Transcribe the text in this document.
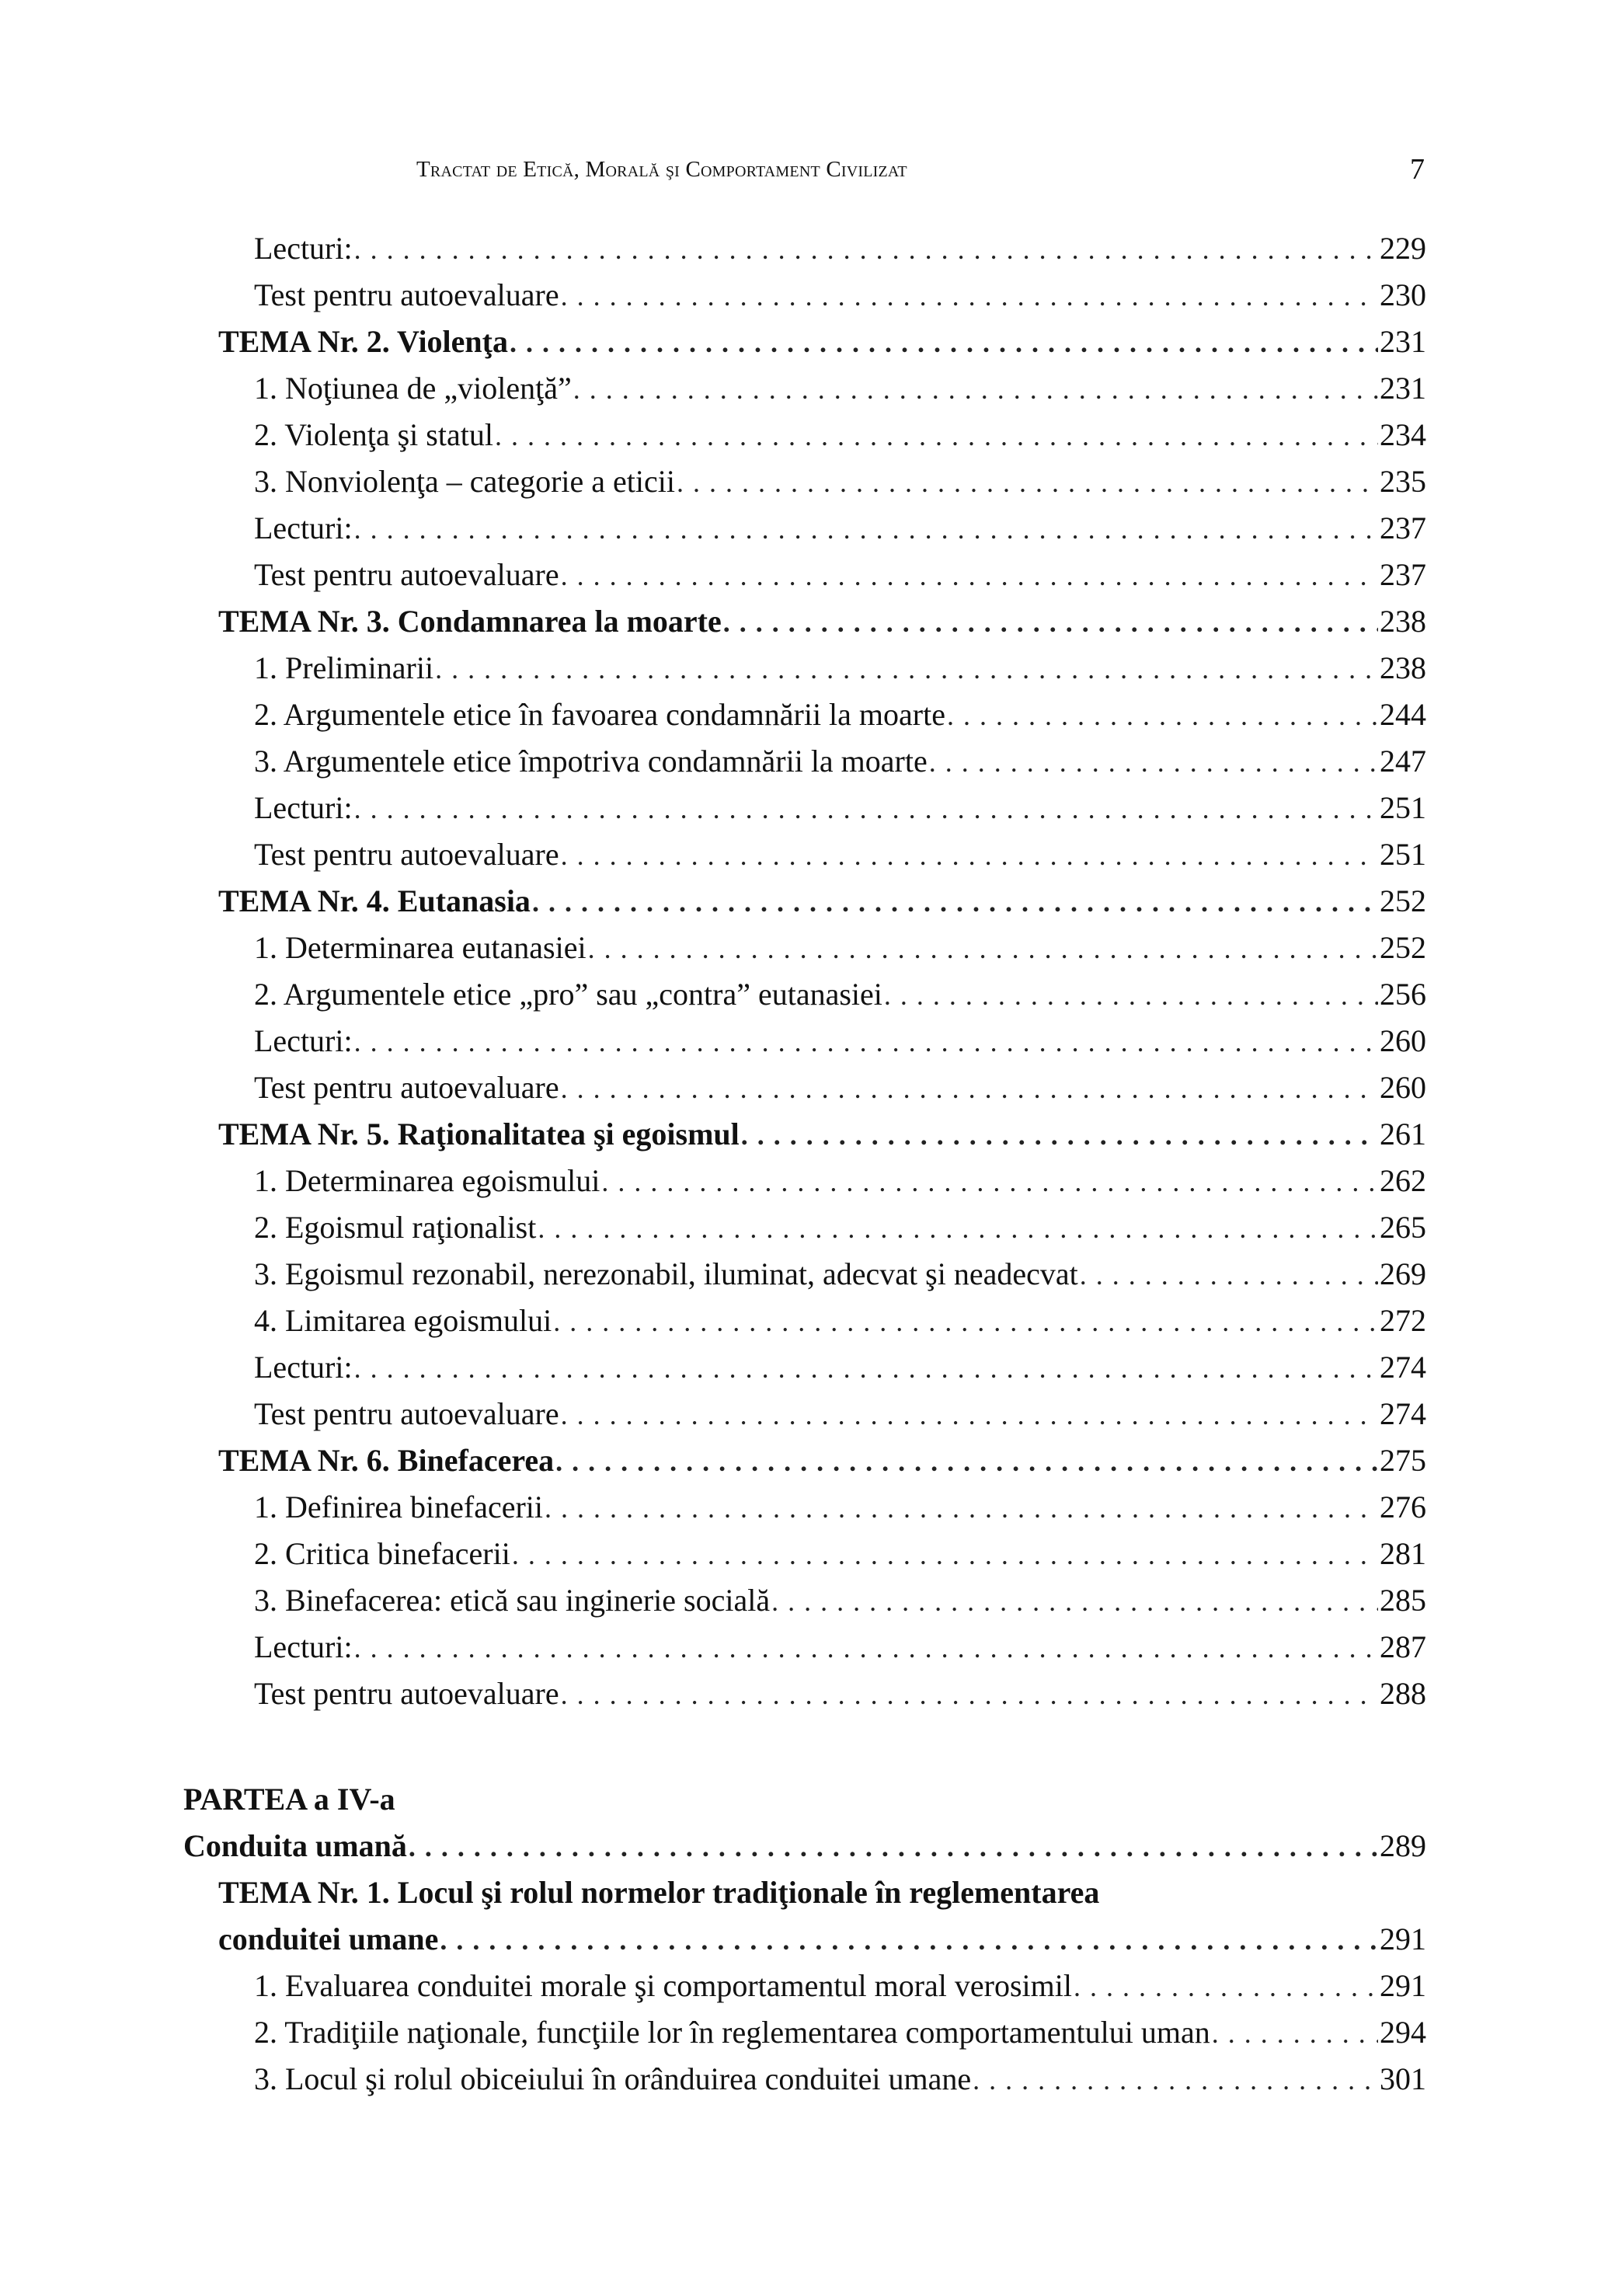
Tractat de Etică, Morală şi Comportament Civilizat	7
Lecturi: . . .	229
Test pentru autoevaluare . . .	230
TEMA Nr. 2. Violenţa . . .	231
1. Noţiunea de „violenţă” . . .	231
2. Violenţa şi statul . . .	234
3. Nonviolenţa – categorie a eticii . . .	235
Lecturi: . . .	237
Test pentru autoevaluare . . .	237
TEMA Nr. 3. Condamnarea la moarte . . .	238
1. Preliminarii . . .	238
2. Argumentele etice în favoarea condamnării la moarte . . .	244
3. Argumentele etice împotriva condamnării la moarte . . .	247
Lecturi: . . .	251
Test pentru autoevaluare . . .	251
TEMA Nr. 4. Eutanasia . . .	252
1. Determinarea eutanasiei . . .	252
2. Argumentele etice „pro” sau „contra” eutanasiei . . .	256
Lecturi: . . .	260
Test pentru autoevaluare . . .	260
TEMA Nr. 5. Raţionalitatea şi egoismul . . .	261
1. Determinarea egoismului . . .	262
2. Egoismul raţionalist . . .	265
3. Egoismul rezonabil, nerezonabil, iluminat, adecvat şi neadecvat . . .	269
4. Limitarea egoismului . . .	272
Lecturi: . . .	274
Test pentru autoevaluare . . .	274
TEMA Nr. 6. Binefacerea . . .	275
1. Definirea binefacerii . . .	276
2. Critica binefacerii . . .	281
3. Binefacerea: etică sau inginerie socială . . .	285
Lecturi: . . .	287
Test pentru autoevaluare . . .	288
PARTEA a IV-a
Conduita umană . . .	289
TEMA Nr. 1. Locul şi rolul normelor tradiţionale în reglementarea
conduitei umane . . .	291
1. Evaluarea conduitei morale şi comportamentul moral verosimil . . .	291
2. Tradiţiile naţionale, funcţiile lor în reglementarea comportamentului uman . . .	294
3. Locul şi rolul obiceiului în orânduirea conduitei umane . . .	301
